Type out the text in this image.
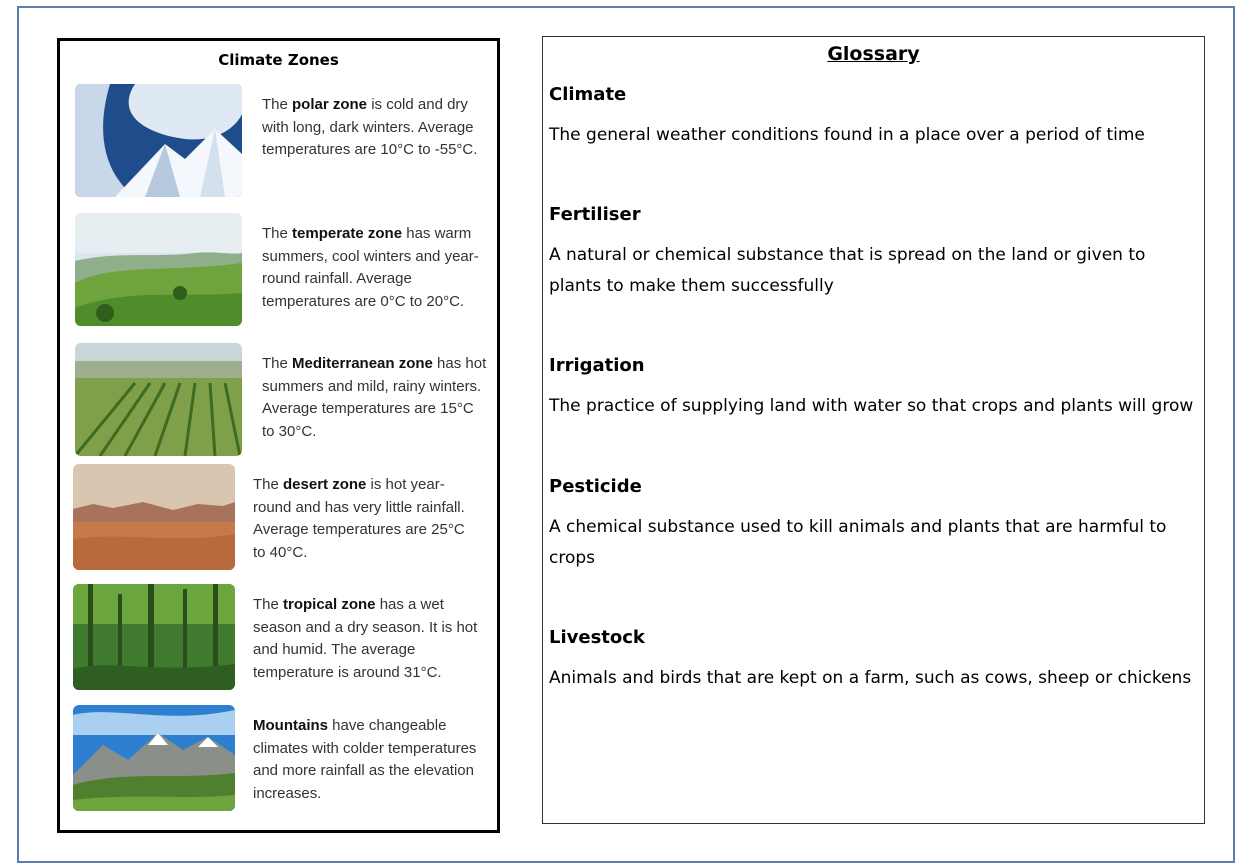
Climate Zones
The polar zone is cold and dry with long, dark winters. Average temperatures are 10°C to -55°C.
The temperate zone has warm summers, cool winters and year-round rainfall. Average temperatures are 0°C to 20°C.
The Mediterranean zone has hot summers and mild, rainy winters. Average temperatures are 15°C to 30°C.
The desert zone is hot year-round and has very little rainfall. Average temperatures are 25°C to 40°C.
The tropical zone has a wet season and a dry season. It is hot and humid. The average temperature is around 31°C.
Mountains have changeable climates with colder temperatures and more rainfall as the elevation increases.
Glossary
Climate
The general weather conditions found in a place over a period of time
Fertiliser
A natural or chemical substance that is spread on the land or given to plants to make them successfully
Irrigation
The practice of supplying land with water so that crops and plants will grow
Pesticide
A chemical substance used to kill animals and plants that are harmful to crops
Livestock
Animals and birds that are kept on a farm, such as cows, sheep or chickens
